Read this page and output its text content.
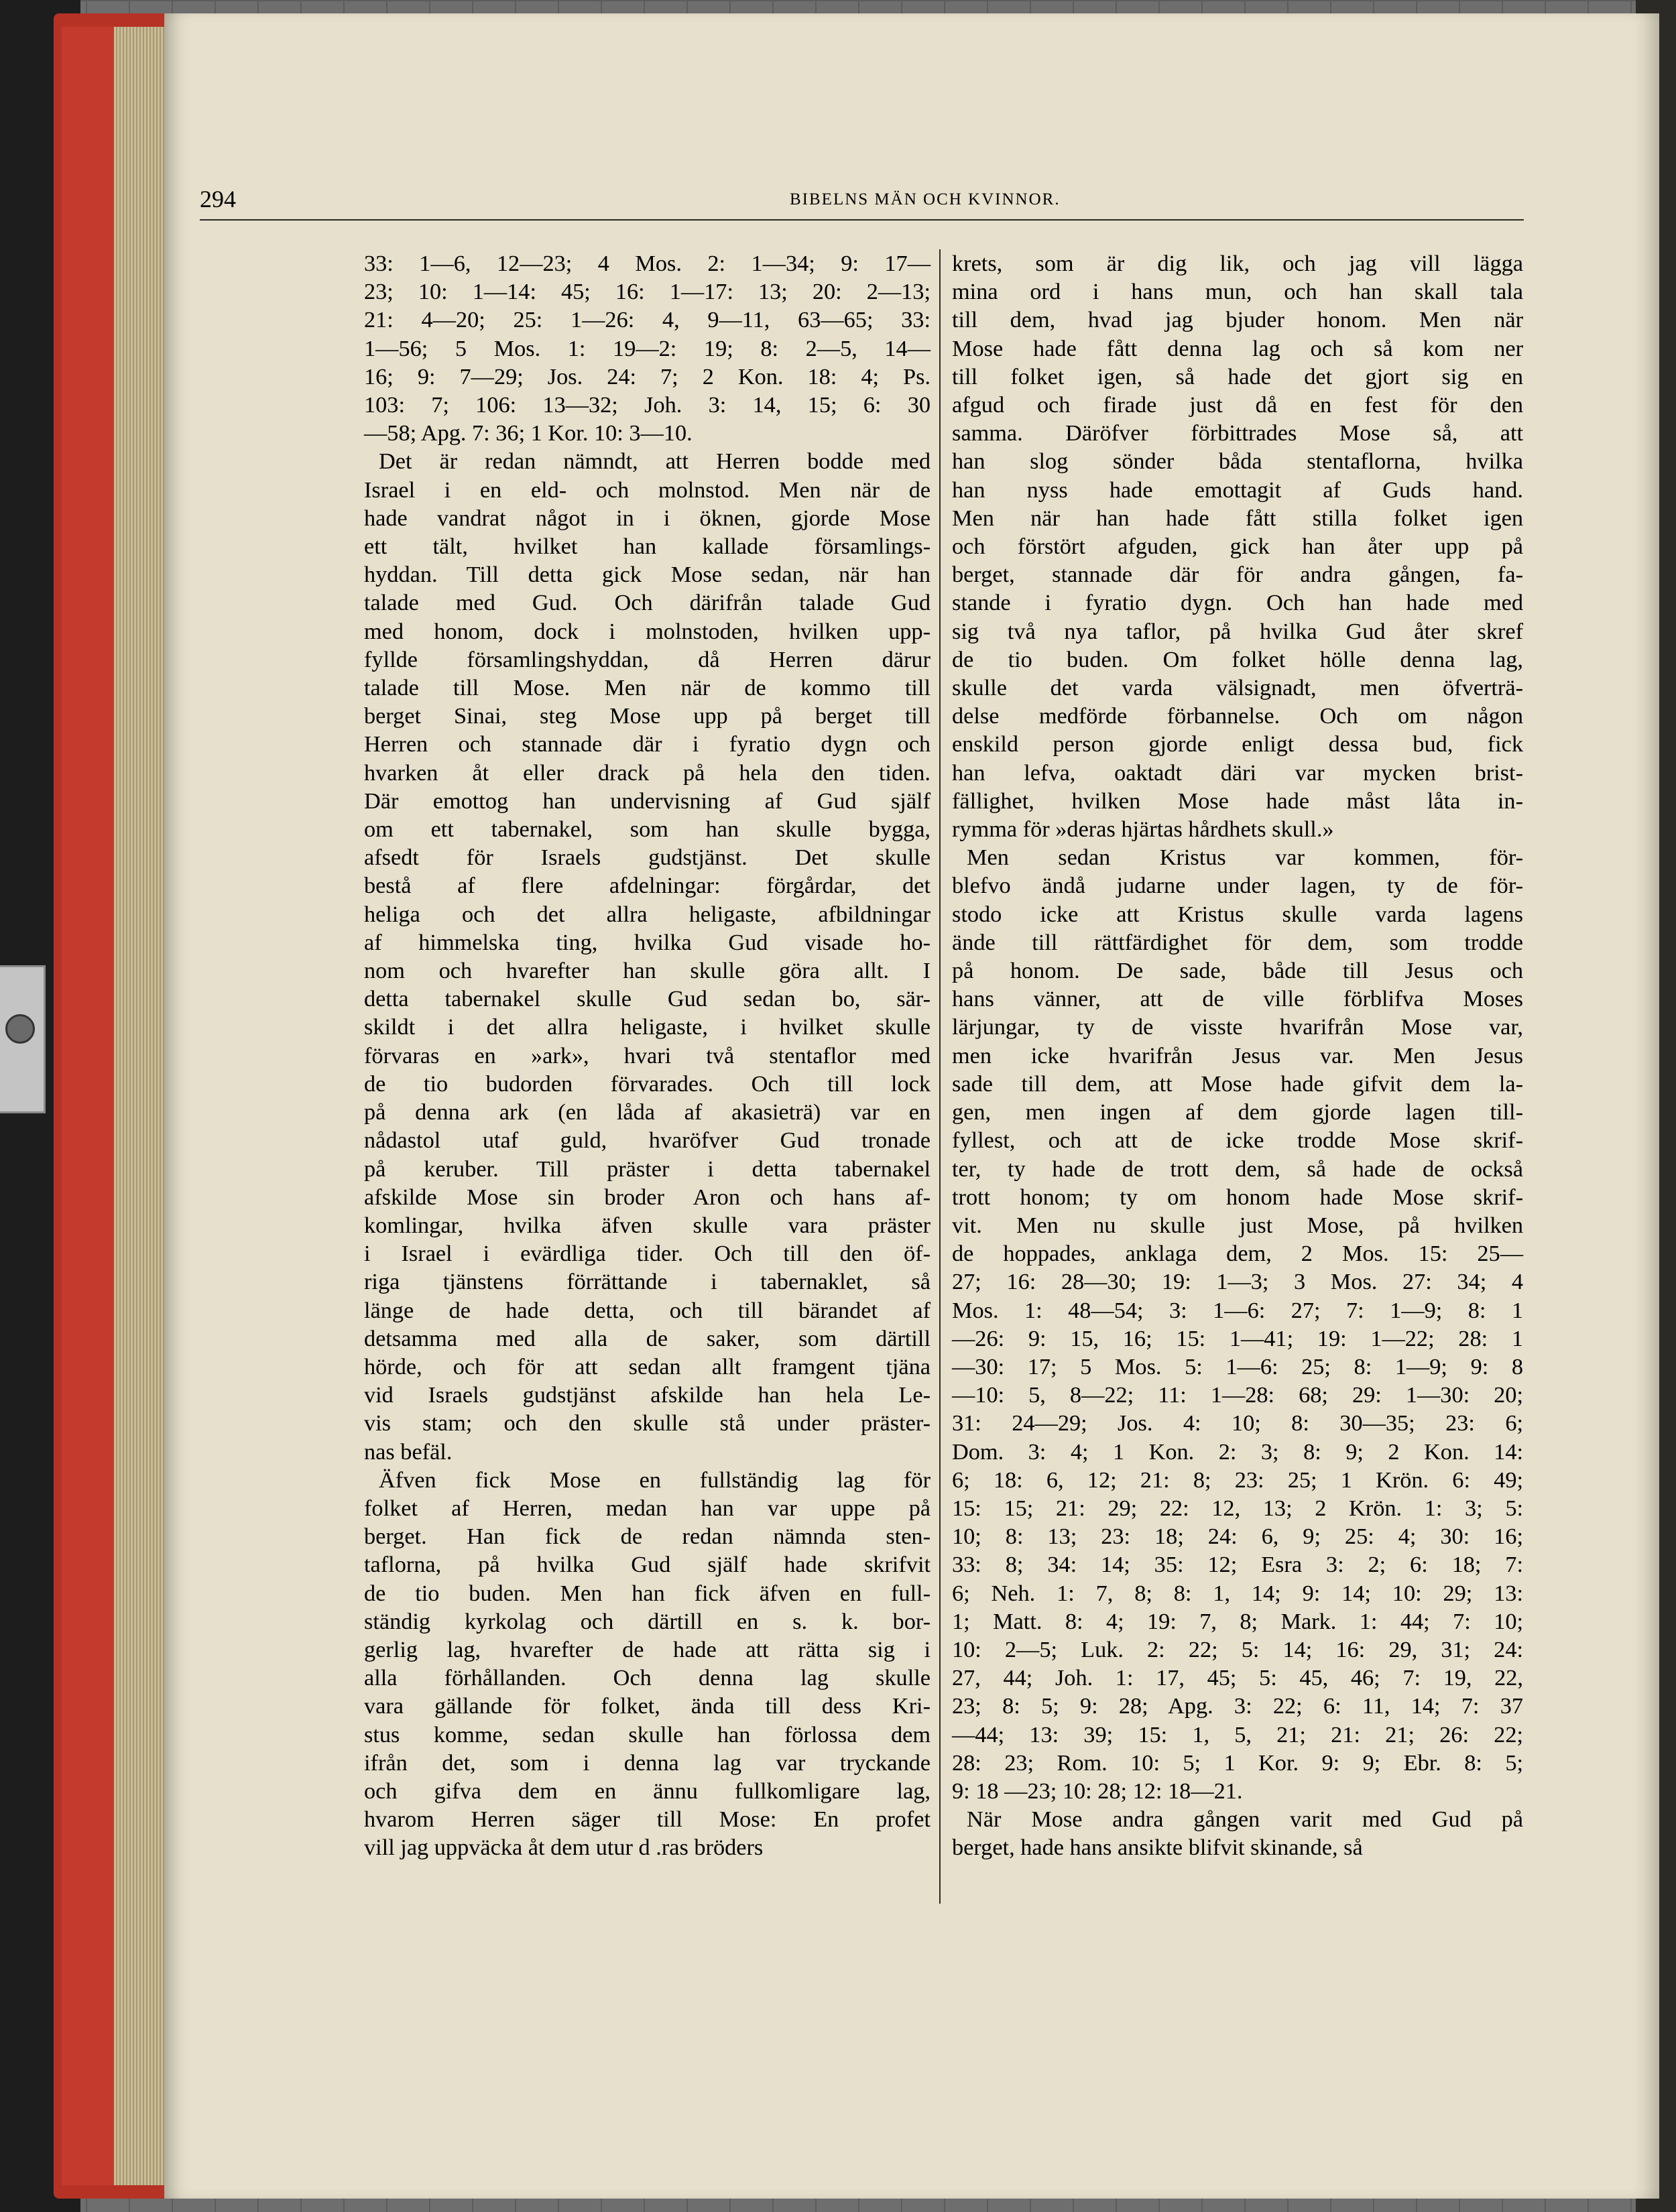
294	BIBELNS MÄN OCH KVINNOR.

33: 1—6, 12—23; 4 Mos. 2: 1—34; 9: 17—

23; 10: 1—14: 45; 16: 1—17: 13; 20: 2—13;

21: 4—20; 25: 1—26: 4, 9—11, 63—65; 33:

1—56; 5 Mos. 1: 19—2: 19; 8: 2—5, 14—

16; 9: 7—29; Jos. 24: 7; 2 Kon. 18: 4; Ps.

103: 7; 106: 13—32; Joh. 3: 14, 15; 6: 30

—58; Apg. 7: 36; 1 Kor. 10: 3—10.

Det är redan nämndt, att Herren bodde med

Israel i en eld- och molnstod. Men när de

hade vandrat något in i öknen, gjorde Mose

ett tält, hvilket han kallade församlings-

hyddan. Till detta gick Mose sedan, när han

talade med Gud. Och därifrån talade Gud

med honom, dock i molnstoden, hvilken upp-

fyllde församlingshyddan, då Herren därur

talade till Mose. Men när de kommo till

berget Sinai, steg Mose upp på berget till

Herren och stannade där i fyratio dygn och

hvarken åt eller drack på hela den tiden.

Där emottog han undervisning af Gud själf

om ett tabernakel, som han skulle bygga,

afsedt för Israels gudstjänst. Det skulle

bestå af flere afdelningar: förgårdar, det

heliga och det allra heligaste, afbildningar

af himmelska ting, hvilka Gud visade ho-

nom och hvarefter han skulle göra allt. I

detta tabernakel skulle Gud sedan bo, sär-

skildt i det allra heligaste, i hvilket skulle

förvaras en »ark», hvari två stentaflor med

de tio budorden förvarades. Och till lock

på denna ark (en låda af akasieträ) var en

nådastol utaf guld, hvaröfver Gud tronade

på keruber. Till präster i detta tabernakel

afskilde Mose sin broder Aron och hans af-

komlingar, hvilka äfven skulle vara präster

i Israel i evärdliga tider. Och till den öf-

riga tjänstens förrättande i tabernaklet, så

länge de hade detta, och till bärandet af

detsamma med alla de saker, som därtill

hörde, och för att sedan allt framgent tjäna

vid Israels gudstjänst afskilde han hela Le-

vis stam; och den skulle stå under präster-

nas befäl.

Äfven fick Mose en fullständig lag för

folket af Herren, medan han var uppe på

berget. Han fick de redan nämnda sten-

taflorna, på hvilka Gud själf hade skrifvit

de tio buden. Men han fick äfven en full-

ständig kyrkolag och därtill en s. k. bor-

gerlig lag, hvarefter de hade att rätta sig i

alla förhållanden. Och denna lag skulle

vara gällande för folket, ända till dess Kri-

stus komme, sedan skulle han förlossa dem

ifrån det, som i denna lag var tryckande

och gifva dem en ännu fullkomligare lag,

hvarom Herren säger till Mose: En profet

vill jag uppväcka åt dem utur d .ras bröders

krets, som är dig lik, och jag vill lägga

mina ord i hans mun, och han skall tala

till dem, hvad jag bjuder honom. Men när

Mose hade fått denna lag och så kom ner

till folket igen, så hade det gjort sig en

afgud och firade just då en fest för den

samma. Däröfver förbittrades Mose så, att

han slog sönder båda stentaflorna, hvilka

han nyss hade emottagit af Guds hand.

Men när han hade fått stilla folket igen

och förstört afguden, gick han åter upp på

berget, stannade där för andra gången, fa-

stande i fyratio dygn. Och han hade med

sig två nya taflor, på hvilka Gud åter skref

de tio buden. Om folket hölle denna lag,

skulle det varda välsignadt, men öfverträ-

delse medförde förbannelse. Och om någon

enskild person gjorde enligt dessa bud, fick

han lefva, oaktadt däri var mycken brist-

fällighet, hvilken Mose hade måst låta in-

rymma för »deras hjärtas hårdhets skull.»

Men sedan Kristus var kommen, för-

blefvo ändå judarne under lagen, ty de för-

stodo icke att Kristus skulle varda lagens

ände till rättfärdighet för dem, som trodde

på honom. De sade, både till Jesus och

hans vänner, att de ville förblifva Moses

lärjungar, ty de visste hvarifrån Mose var,

men icke hvarifrån Jesus var. Men Jesus

sade till dem, att Mose hade gifvit dem la-

gen, men ingen af dem gjorde lagen till-

fyllest, och att de icke trodde Mose skrif-

ter, ty hade de trott dem, så hade de också

trott honom; ty om honom hade Mose skrif-

vit. Men nu skulle just Mose, på hvilken

de hoppades, anklaga dem, 2 Mos. 15: 25—

27; 16: 28—30; 19: 1—3; 3 Mos. 27: 34; 4

Mos. 1: 48—54; 3: 1—6: 27; 7: 1—9; 8: 1

—26: 9: 15, 16; 15: 1—41; 19: 1—22; 28: 1

—30: 17; 5 Mos. 5: 1—6: 25; 8: 1—9; 9: 8

—10: 5, 8—22; 11: 1—28: 68; 29: 1—30: 20;

31: 24—29; Jos. 4: 10; 8: 30—35; 23: 6;

Dom. 3: 4; 1 Kon. 2: 3; 8: 9; 2 Kon. 14:

6; 18: 6, 12; 21: 8; 23: 25; 1 Krön. 6: 49;

15: 15; 21: 29; 22: 12, 13; 2 Krön. 1: 3; 5:

10; 8: 13; 23: 18; 24: 6, 9; 25: 4; 30: 16;

33: 8; 34: 14; 35: 12; Esra 3: 2; 6: 18; 7:

6; Neh. 1: 7, 8; 8: 1, 14; 9: 14; 10: 29; 13:

1; Matt. 8: 4; 19: 7, 8; Mark. 1: 44; 7: 10;

10: 2—5; Luk. 2: 22; 5: 14; 16: 29, 31; 24:

27, 44; Joh. 1: 17, 45; 5: 45, 46; 7: 19, 22,

23; 8: 5; 9: 28; Apg. 3: 22; 6: 11, 14; 7: 37

—44; 13: 39; 15: 1, 5, 21; 21: 21; 26: 22;

28: 23; Rom. 10: 5; 1 Kor. 9: 9; Ebr. 8: 5;

9: 18 —23; 10: 28; 12: 18—21.

När Mose andra gången varit med Gud på

berget, hade hans ansikte blifvit skinande, så
